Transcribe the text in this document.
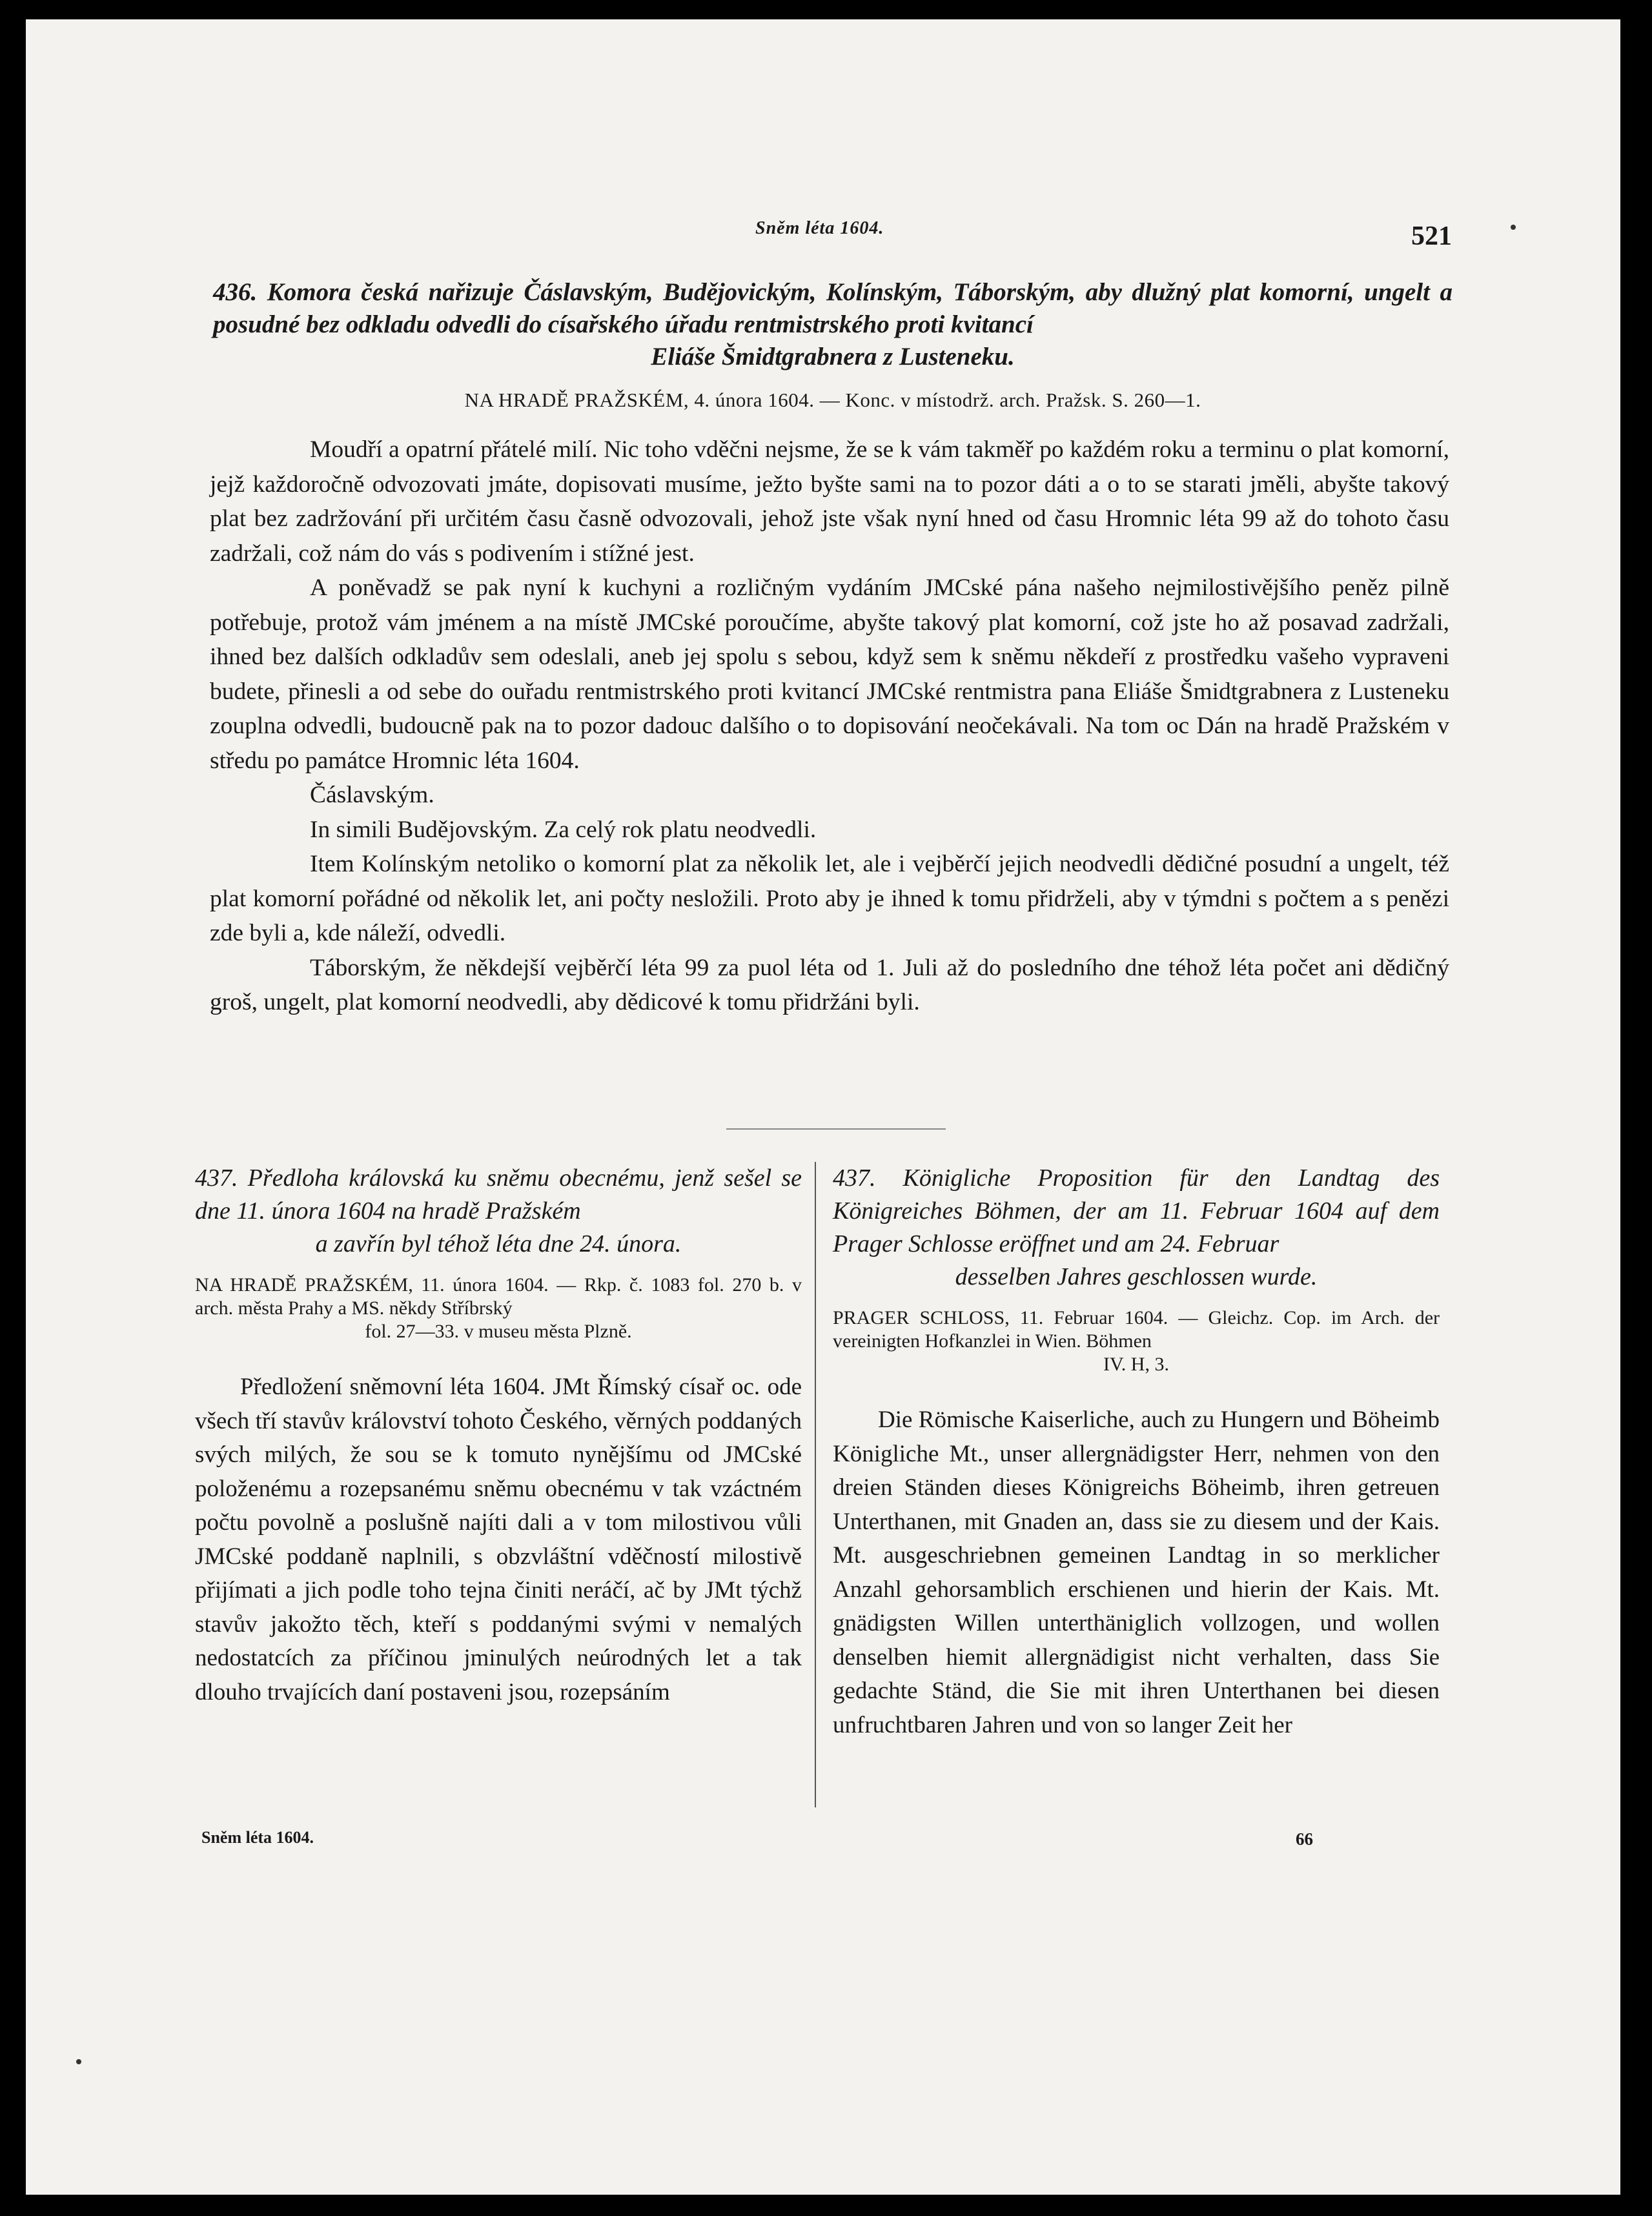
Sněm léta 1604.	521
436. Komora česká nařizuje Čáslavským, Budějovickým, Kolínským, Táborským, aby dlužný plat komorní, ungelt a posudné bez odkladu odvedli do císařského úřadu rentmistrského proti kvitancí
Eliáše Šmidtgrabnera z Lusteneku.
NA HRADĚ PRAŽSKÉM, 4. února 1604. — Konc. v místodrž. arch. Pražsk. S. 260—1.

Moudří a opatrní přátelé milí. Nic toho vděčni nejsme, že se k vám takměř po každém roku a terminu o plat komorní, jejž každoročně odvozovati jmáte, dopisovati musíme, ježto byšte sami na to pozor dáti a o to se starati jměli, abyšte takový plat bez zadržování při určitém času časně odvozovali, jehož jste však nyní hned od času Hromnic léta 99 až do tohoto času zadržali, což nám do vás s podivením i stížné jest.

A poněvadž se pak nyní k kuchyni a rozličným vydáním JMCské pána našeho nejmilostivějšího peněz pilně potřebuje, protož vám jménem a na místě JMCské poroučíme, abyšte takový plat komorní, což jste ho až posavad zadržali, ihned bez dalších odkladův sem odeslali, aneb jej spolu s sebou, když sem k sněmu někdeří z prostředku vašeho vypraveni budete, přinesli a od sebe do ouřadu rentmistrského proti kvitancí JMCské rentmistra pana Eliáše Šmidtgrabnera z Lusteneku zouplna odvedli, budoucně pak na to pozor dadouc dalšího o to dopisování neočekávali. Na tom oc Dán na hradě Pražském v středu po památce Hromnic léta 1604.

Čáslavským.

In simili Budějovským. Za celý rok platu neodvedli.

Item Kolínským netoliko o komorní plat za několik let, ale i vejběrčí jejich neodvedli dědičné posudní a ungelt, též plat komorní pořádné od několik let, ani počty nesložili. Proto aby je ihned k tomu přidrželi, aby v týmdni s počtem a s penězi zde byli a, kde náleží, odvedli.

Táborským, že někdejší vejběrčí léta 99 za puol léta od 1. Juli až do posledního dne téhož léta počet ani dědičný groš, ungelt, plat komorní neodvedli, aby dědicové k tomu přidržáni byli.

437. Předloha královská ku sněmu obecnému, jenž sešel se dne 11. února 1604 na hradě Pražském
a zavřín byl téhož léta dne 24. února.
NA HRADĚ PRAŽSKÉM, 11. února 1604. — Rkp. č. 1083 fol. 270 b. v arch. města Prahy a MS. někdy Stříbrský
fol. 27—33. v museu města Plzně.

Předložení sněmovní léta 1604. JMt Římský císař oc. ode všech tří stavův království tohoto Českého, věrných poddaných svých milých, že sou se k tomuto nynějšímu od JMCské položenému a rozepsanému sněmu obecnému v tak vzáctném počtu povolně a poslušně najíti dali a v tom milostivou vůli JMCské poddaně naplnili, s obzvláštní vděčností milostivě přijímati a jich podle toho tejna činiti neráčí, ač by JMt týchž stavův jakožto těch, kteří s poddanými svými v nemalých nedostatcích za příčinou jminulých neúrodných let a tak dlouho trvajících daní postaveni jsou, rozepsáním

437. Königliche Proposition für den Landtag des Königreiches Böhmen, der am 11. Februar 1604 auf dem Prager Schlosse eröffnet und am 24. Februar
desselben Jahres geschlossen wurde.
PRAGER SCHLOSS, 11. Februar 1604. — Gleichz. Cop. im Arch. der vereinigten Hofkanzlei in Wien. Böhmen
IV. H, 3.

Die Römische Kaiserliche, auch zu Hungern und Böheimb Königliche Mt., unser allergnädigster Herr, nehmen von den dreien Ständen dieses Königreichs Böheimb, ihren getreuen Unterthanen, mit Gnaden an, dass sie zu diesem und der Kais. Mt. ausgeschriebnen gemeinen Landtag in so merklicher Anzahl gehorsamblich erschienen und hierin der Kais. Mt. gnädigsten Willen unterthäniglich vollzogen, und wollen denselben hiemit allergnädigist nicht verhalten, dass Sie gedachte Ständ, die Sie mit ihren Unterthanen bei diesen unfruchtbaren Jahren und von so langer Zeit her

Sněm léta 1604.	66
